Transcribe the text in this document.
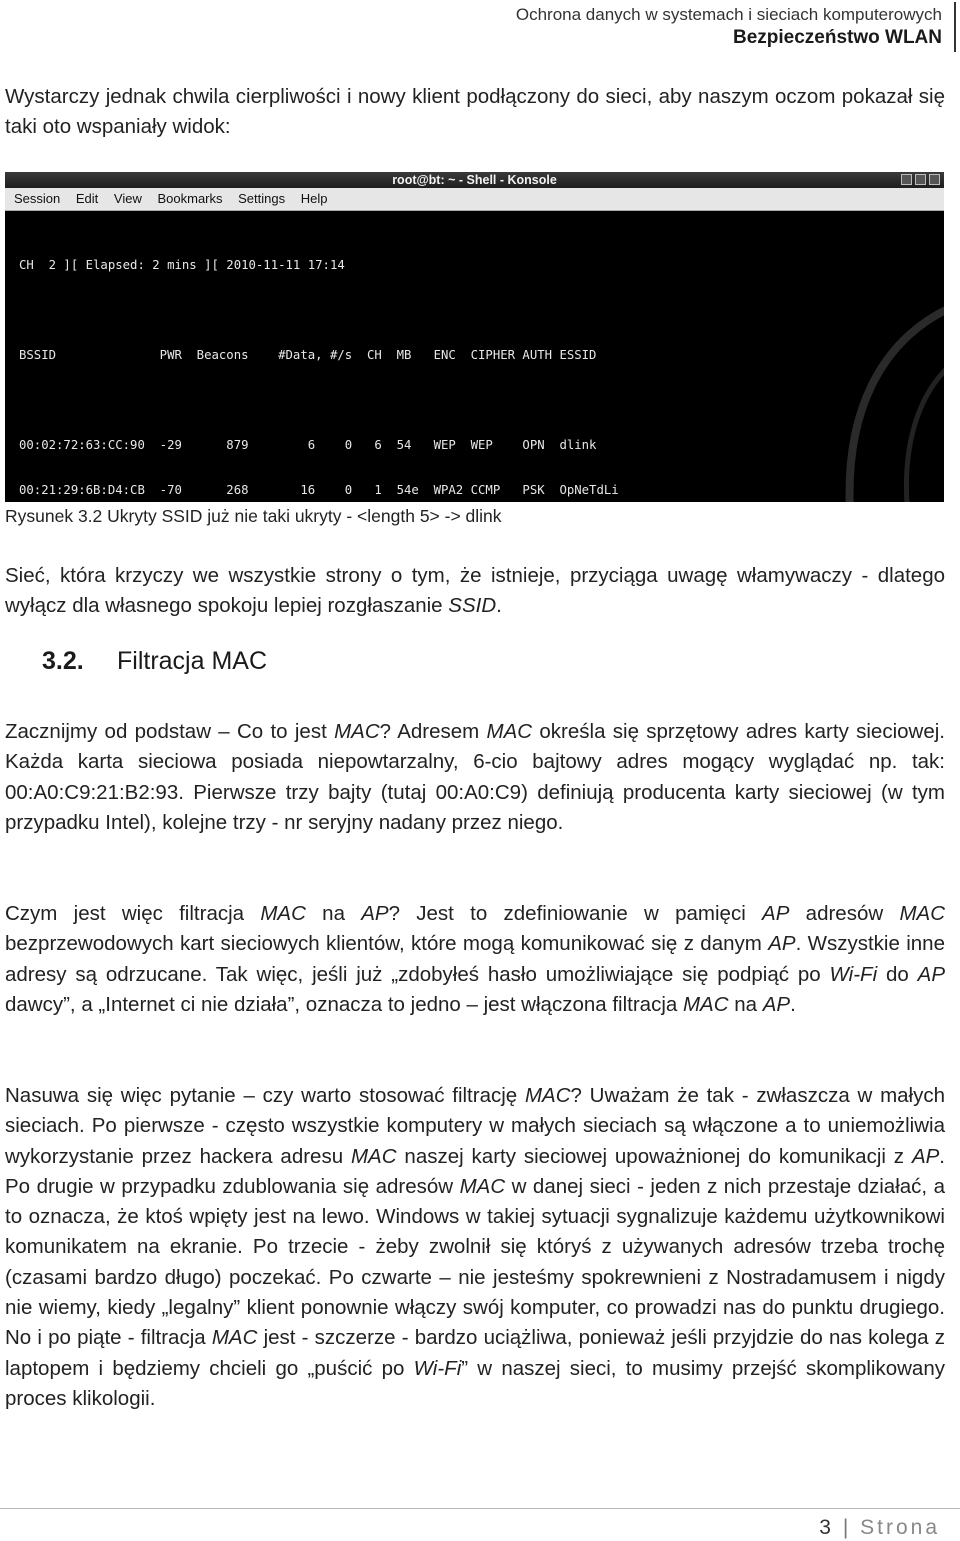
Ochrona danych w systemach i sieciach komputerowych
Bezpieczeństwo WLAN
Wystarczy jednak chwila cierpliwości i nowy klient podłączony do sieci, aby naszym oczom pokazał się taki oto wspaniały widok:
root@bt: ~ - Shell - Konsole
Session Edit View Bookmarks Settings Help

CH  2 ][ Elapsed: 2 mins ][ 2010-11-11 17:14

BSSID              PWR  Beacons    #Data, #/s  CH  MB   ENC  CIPHER AUTH ESSID

00:02:72:63:CC:90  -29      879        6    0   6  54   WEP  WEP    OPN  dlink

00:21:29:6B:D4:CB  -70      268       16    0   1  54e  WPA2 CCMP   PSK  OpNeTdLi

Rysunek 3.2 Ukryty SSID już nie taki ukryty - <length 5> -> dlink
Sieć, która krzyczy we wszystkie strony o tym, że istnieje, przyciąga uwagę włamywaczy - dlatego wyłącz dla własnego spokoju lepiej rozgłaszanie SSID.
3.2. Filtracja MAC
Zacznijmy od podstaw – Co to jest MAC? Adresem MAC określa się sprzętowy adres karty sieciowej. Każda karta sieciowa posiada niepowtarzalny, 6-cio bajtowy adres mogący wyglądać np. tak: 00:A0:C9:21:B2:93. Pierwsze trzy bajty (tutaj 00:A0:C9) definiują producenta karty sieciowej (w tym przypadku Intel), kolejne trzy - nr seryjny nadany przez niego.
Czym jest więc filtracja MAC na AP? Jest to zdefiniowanie w pamięci AP adresów MAC bezprzewodowych kart sieciowych klientów, które mogą komunikować się z danym AP. Wszystkie inne adresy są odrzucane. Tak więc, jeśli już „zdobyłeś hasło umożliwiające się podpiąć po Wi-Fi do AP dawcy”, a „Internet ci nie działa”, oznacza to jedno – jest włączona filtracja MAC na AP.
Nasuwa się więc pytanie – czy warto stosować filtrację MAC? Uważam że tak - zwłaszcza w małych sieciach. Po pierwsze - często wszystkie komputery w małych sieciach są włączone a to uniemożliwia wykorzystanie przez hackera adresu MAC naszej karty sieciowej upoważnionej do komunikacji z AP. Po drugie w przypadku zdublowania się adresów MAC w danej sieci - jeden z nich przestaje działać, a to oznacza, że ktoś wpięty jest na lewo. Windows w takiej sytuacji sygnalizuje każdemu użytkownikowi komunikatem na ekranie. Po trzecie - żeby zwolnił się któryś z używanych adresów trzeba trochę (czasami bardzo długo) poczekać. Po czwarte – nie jesteśmy spokrewnieni z Nostradamusem i nigdy nie wiemy, kiedy „legalny” klient ponownie włączy swój komputer, co prowadzi nas do punktu drugiego. No i po piąte - filtracja MAC jest - szczerze - bardzo uciążliwa, ponieważ jeśli przyjdzie do nas kolega z laptopem i będziemy chcieli go „puścić po Wi-Fi” w naszej sieci, to musimy przejść skomplikowany proces klikologii.
3 | Strona
